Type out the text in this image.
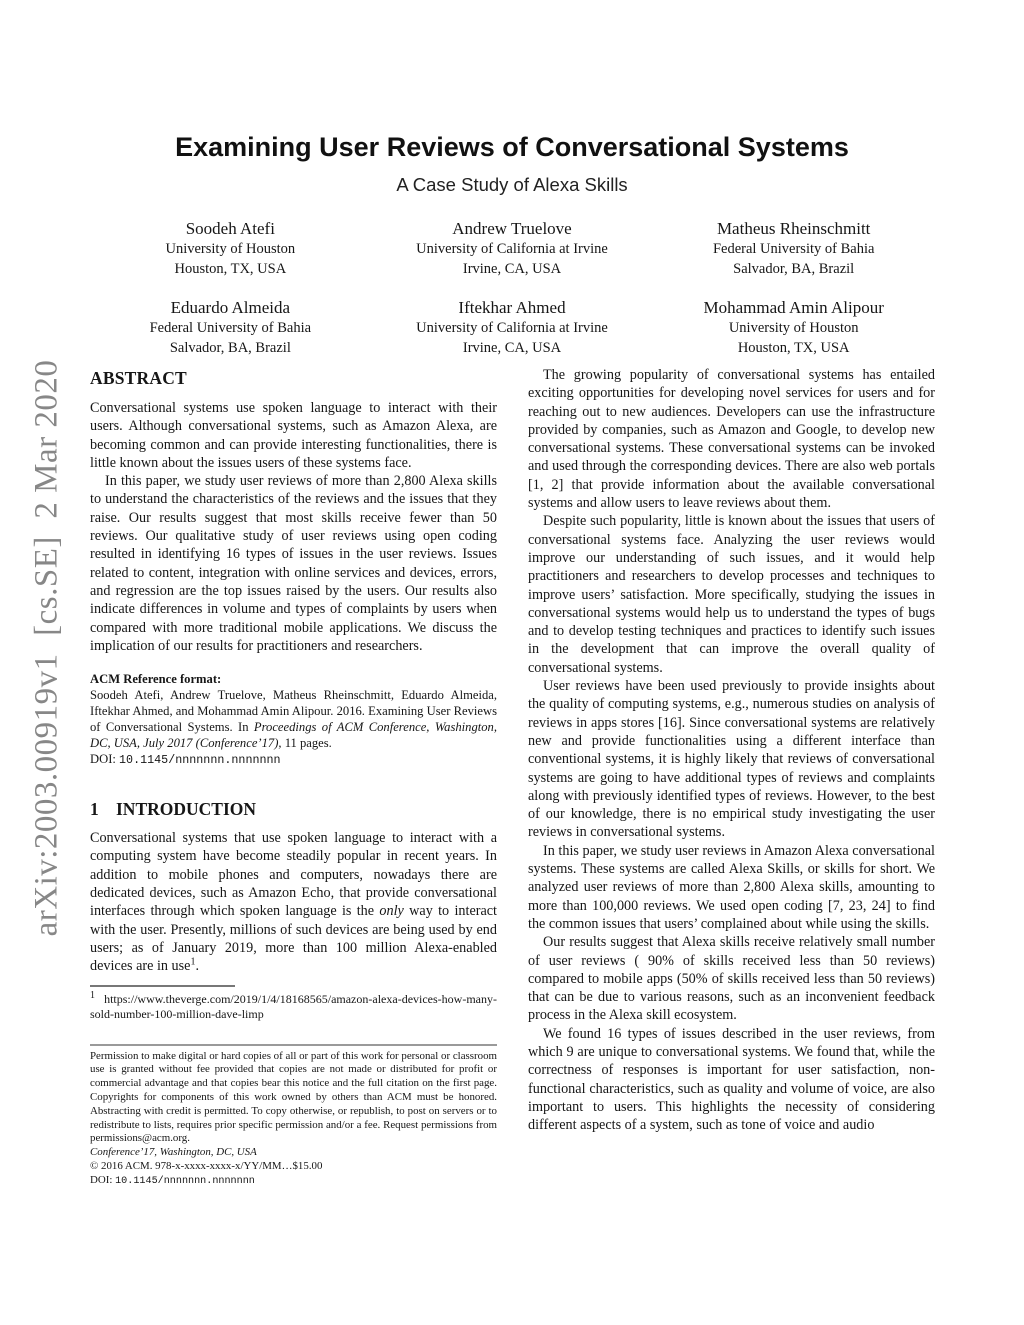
arXiv:2003.00919v1  [cs.SE]  2 Mar 2020
Examining User Reviews of Conversational Systems
A Case Study of Alexa Skills
Soodeh Atefi
University of Houston
Houston, TX, USA
Andrew Truelove
University of California at Irvine
Irvine, CA, USA
Matheus Rheinschmitt
Federal University of Bahia
Salvador, BA, Brazil
Eduardo Almeida
Federal University of Bahia
Salvador, BA, Brazil
Iftekhar Ahmed
University of California at Irvine
Irvine, CA, USA
Mohammad Amin Alipour
University of Houston
Houston, TX, USA
ABSTRACT

Conversational systems use spoken language to interact with their users. Although conversational systems, such as Amazon Alexa, are becoming common and can provide interesting functionalities, there is little known about the issues users of these systems face.

In this paper, we study user reviews of more than 2,800 Alexa skills to understand the characteristics of the reviews and the issues that they raise. Our results suggest that most skills receive fewer than 50 reviews. Our qualitative study of user reviews using open coding resulted in identifying 16 types of issues in the user reviews. Issues related to content, integration with online services and devices, errors, and regression are the top issues raised by the users. Our results also indicate differences in volume and types of complaints by users when compared with more traditional mobile applications. We discuss the implication of our results for practitioners and researchers.

ACM Reference format:

Soodeh Atefi, Andrew Truelove, Matheus Rheinschmitt, Eduardo Almeida, Iftekhar Ahmed, and Mohammad Amin Alipour. 2016. Examining User Reviews of Conversational Systems. In Proceedings of ACM Conference, Washington, DC, USA, July 2017 (Conference’17), 11 pages.

DOI: 10.1145/nnnnnnn.nnnnnnn

1 INTRODUCTION

Conversational systems that use spoken language to interact with a computing system have become steadily popular in recent years. In addition to mobile phones and computers, nowadays there are dedicated devices, such as Amazon Echo, that provide conversational interfaces through which spoken language is the only way to interact with the user. Presently, millions of such devices are being used by end users; as of January 2019, more than 100 million Alexa-enabled devices are in use$^1$.

$^1$ https://www.theverge.com/2019/1/4/18168565/amazon-alexa-devices-how-many-sold-number-100-million-dave-limp

Permission to make digital or hard copies of all or part of this work for personal or classroom use is granted without fee provided that copies are not made or distributed for profit or commercial advantage and that copies bear this notice and the full citation on the first page. Copyrights for components of this work owned by others than ACM must be honored. Abstracting with credit is permitted. To copy otherwise, or republish, to post on servers or to redistribute to lists, requires prior specific permission and/or a fee. Request permissions from permissions@acm.org.

Conference’17, Washington, DC, USA

© 2016 ACM. 978-x-xxxx-xxxx-x/YY/MM…$15.00

DOI: 10.1145/nnnnnnn.nnnnnnn

The growing popularity of conversational systems has entailed exciting opportunities for developing novel services for users and for reaching out to new audiences. Developers can use the infrastructure provided by companies, such as Amazon and Google, to develop new conversational systems. These conversational systems can be invoked and used through the corresponding devices. There are also web portals [1, 2] that provide information about the available conversational systems and allow users to leave reviews about them.

Despite such popularity, little is known about the issues that users of conversational systems face. Analyzing the user reviews would improve our understanding of such issues, and it would help practitioners and researchers to develop processes and techniques to improve users’ satisfaction. More specifically, studying the issues in conversational systems would help us to understand the types of bugs and to develop testing techniques and practices to identify such issues in the development that can improve the overall quality of conversational systems.

User reviews have been used previously to provide insights about the quality of computing systems, e.g., numerous studies on analysis of reviews in apps stores [16]. Since conversational systems are relatively new and provide functionalities using a different interface than conventional systems, it is highly likely that reviews of conversational systems are going to have additional types of reviews and complaints along with previously identified types of reviews. However, to the best of our knowledge, there is no empirical study investigating the user reviews in conversational systems.

In this paper, we study user reviews in Amazon Alexa conversational systems. These systems are called Alexa Skills, or skills for short. We analyzed user reviews of more than 2,800 Alexa skills, amounting to more than 100,000 reviews. We used open coding [7, 23, 24] to find the common issues that users’ complained about while using the skills.

Our results suggest that Alexa skills receive relatively small number of user reviews ( 90% of skills received less than 50 reviews) compared to mobile apps (50% of skills received less than 50 reviews) that can be due to various reasons, such as an inconvenient feedback process in the Alexa skill ecosystem.

We found 16 types of issues described in the user reviews, from which 9 are unique to conversational systems. We found that, while the correctness of responses is important for user satisfaction, non-functional characteristics, such as quality and volume of voice, are also important to users. This highlights the necessity of considering different aspects of a system, such as tone of voice and audio
